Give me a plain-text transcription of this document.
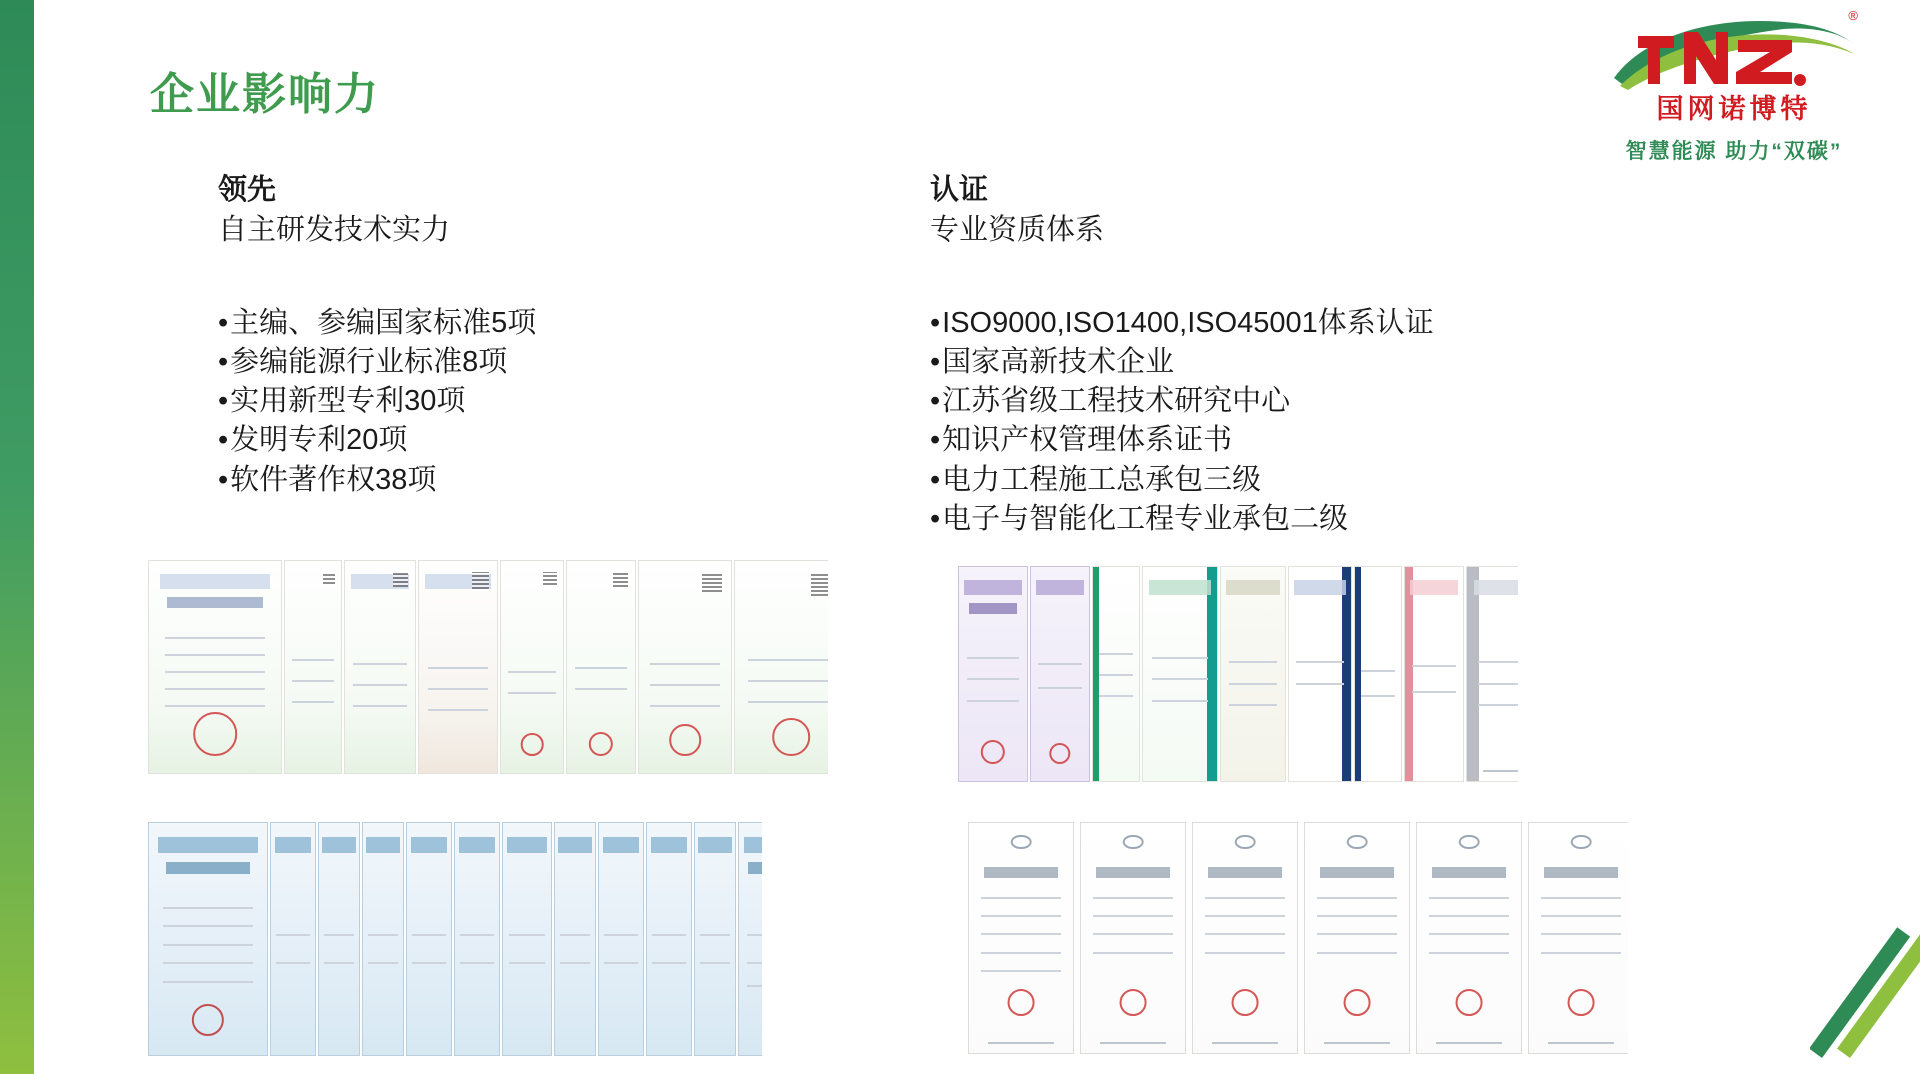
®
国网诺博特
智慧能源 助力“双碳”
企业影响力
领先
自主研发技术实力
• 主编、参编国家标准5项
• 参编能源行业标准8项
• 实用新型专利30项
• 发明专利20项
• 软件著作权38项
认证
专业资质体系
• ISO9000,ISO1400,ISO45001体系认证
• 国家高新技术企业
• 江苏省级工程技术研究中心
• 知识产权管理体系证书
• 电力工程施工总承包三级
• 电子与智能化工程专业承包二级
